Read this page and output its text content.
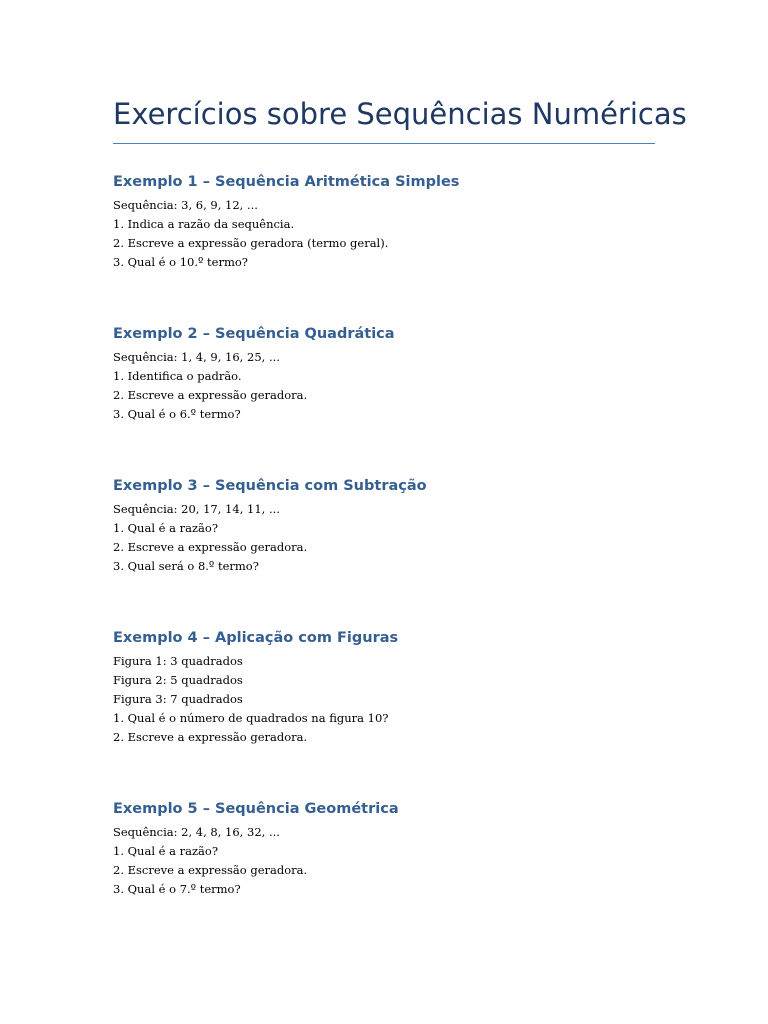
Exercícios sobre Sequências Numéricas
Exemplo 1 – Sequência Aritmética Simples
Sequência: 3, 6, 9, 12, ...
1. Indica a razão da sequência.
2. Escreve a expressão geradora (termo geral).
3. Qual é o 10.º termo?
Exemplo 2 – Sequência Quadrática
Sequência: 1, 4, 9, 16, 25, ...
1. Identifica o padrão.
2. Escreve a expressão geradora.
3. Qual é o 6.º termo?
Exemplo 3 – Sequência com Subtração
Sequência: 20, 17, 14, 11, ...
1. Qual é a razão?
2. Escreve a expressão geradora.
3. Qual será o 8.º termo?
Exemplo 4 – Aplicação com Figuras
Figura 1: 3 quadrados
Figura 2: 5 quadrados
Figura 3: 7 quadrados
1. Qual é o número de quadrados na figura 10?
2. Escreve a expressão geradora.
Exemplo 5 – Sequência Geométrica
Sequência: 2, 4, 8, 16, 32, ...
1. Qual é a razão?
2. Escreve a expressão geradora.
3. Qual é o 7.º termo?
